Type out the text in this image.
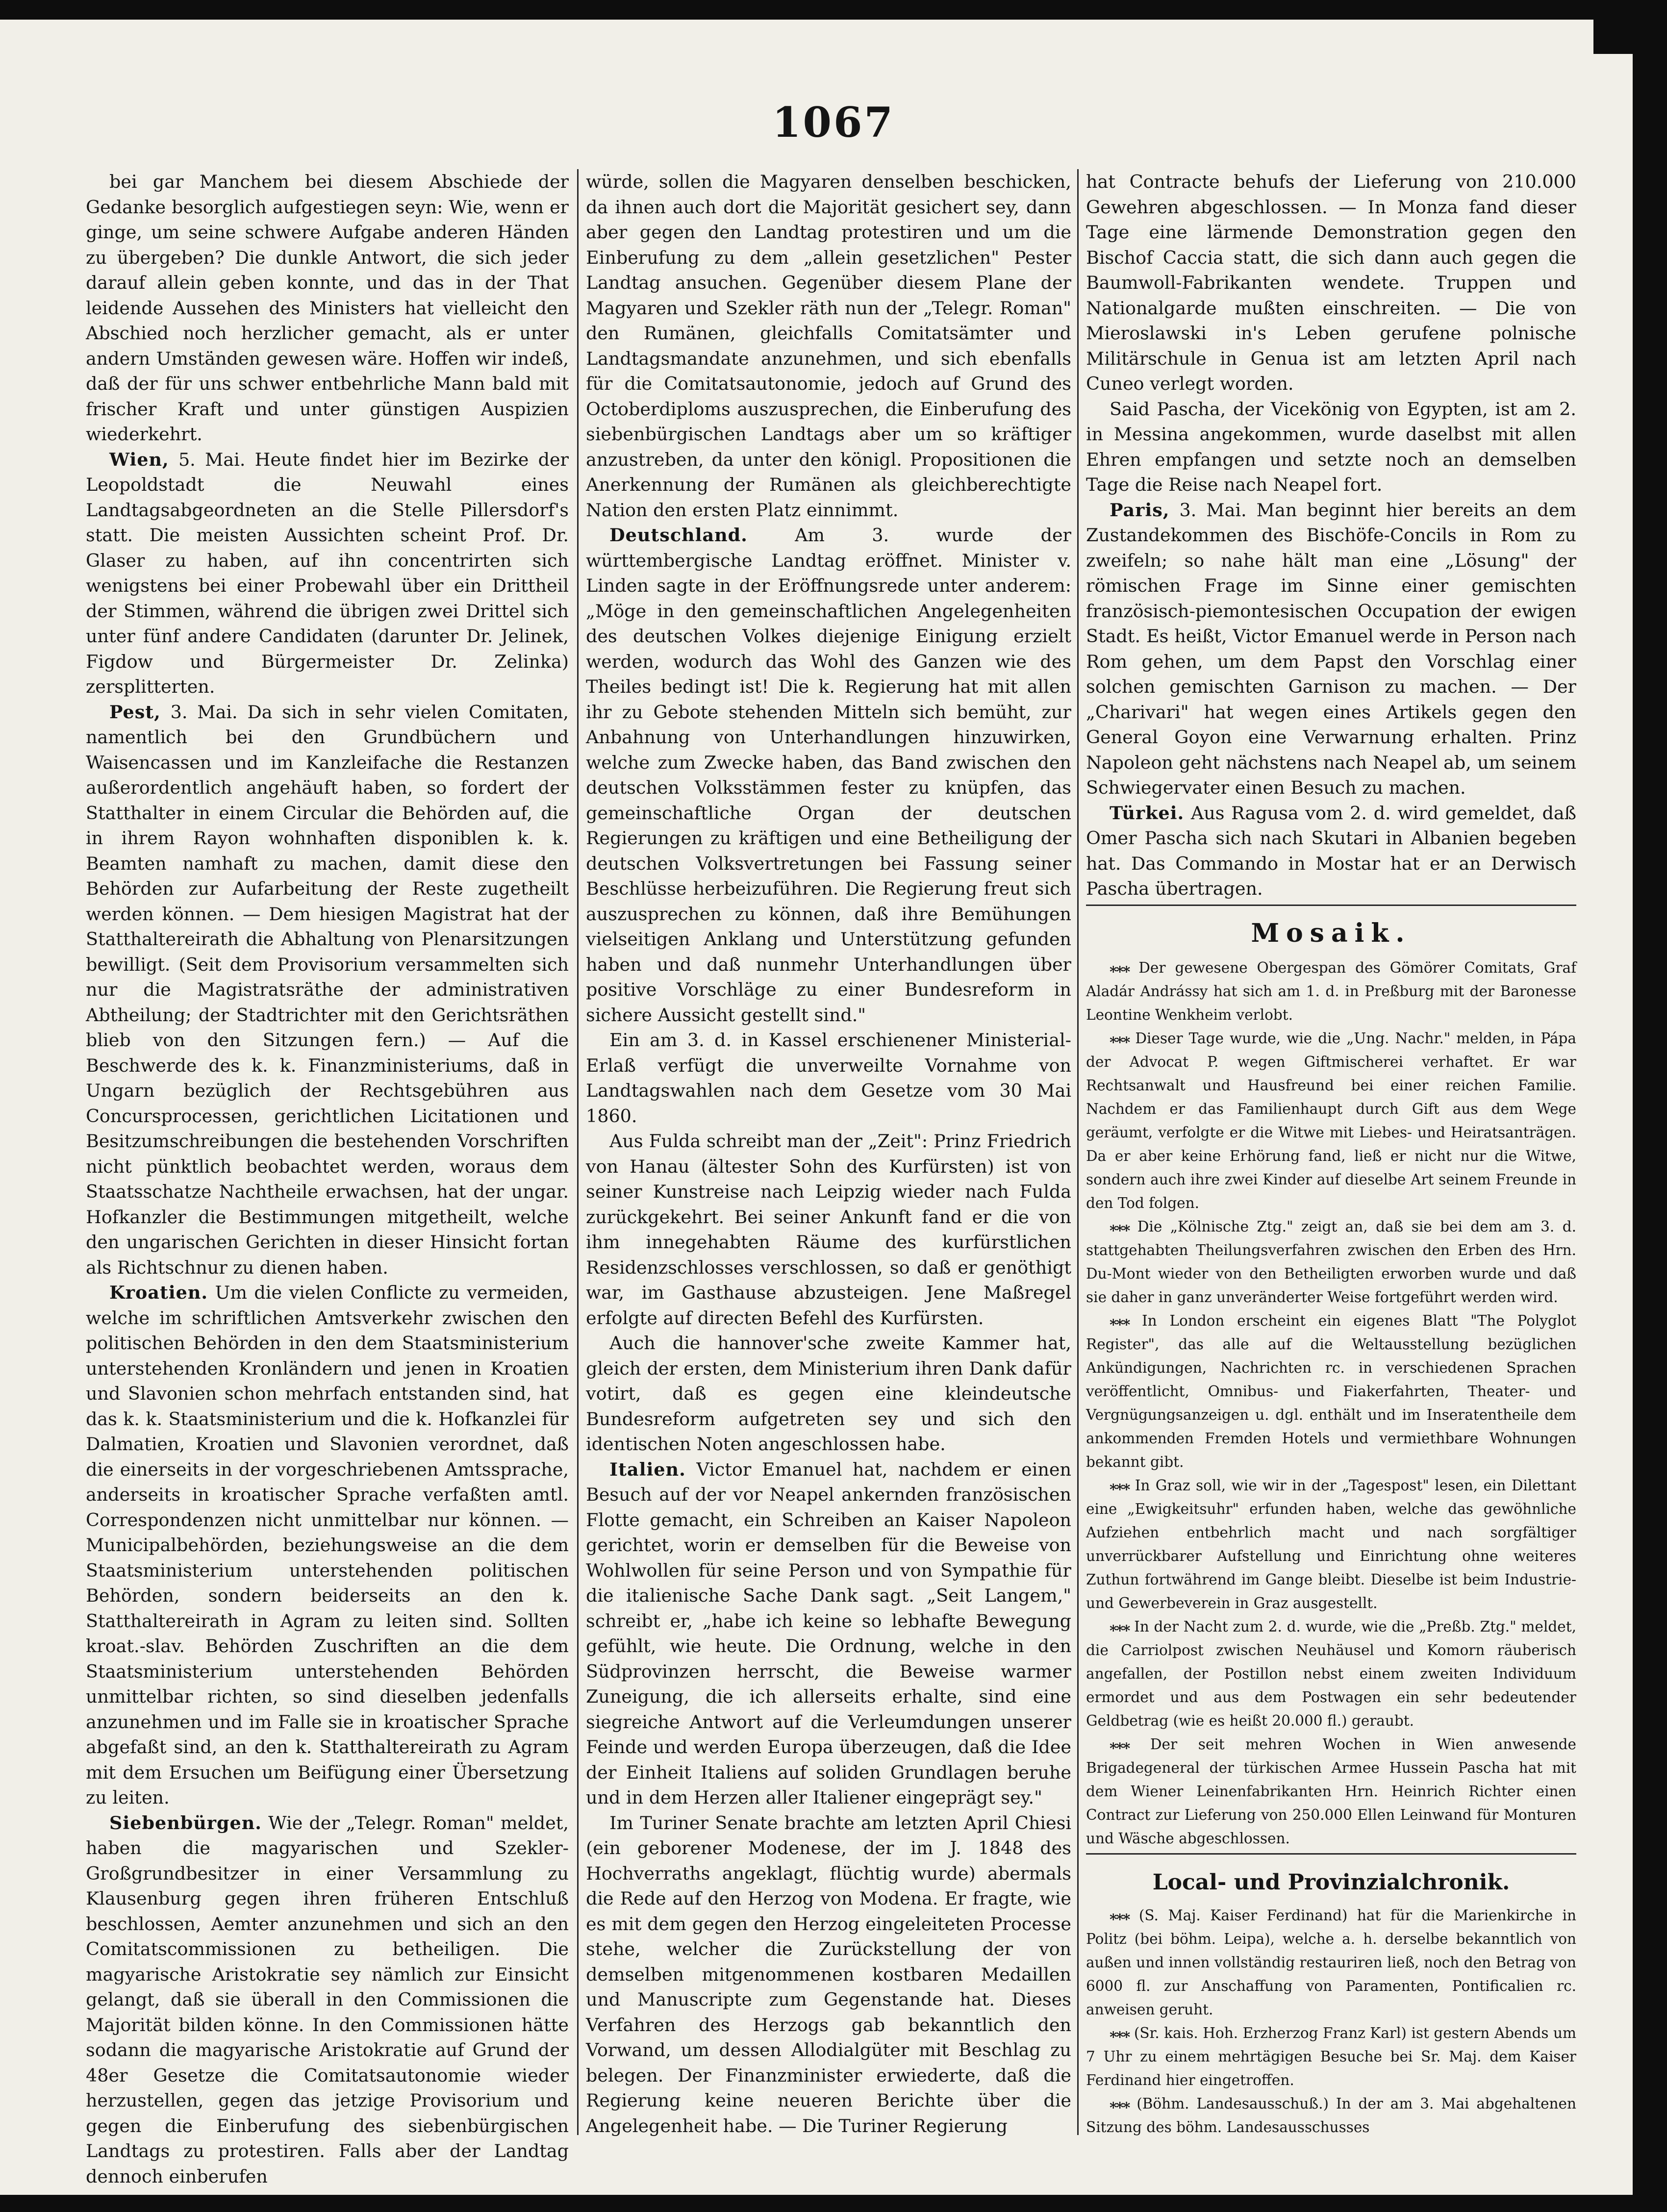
1067

bei gar Manchem bei diesem Abschiede der Gedanke besorglich aufgestiegen seyn: Wie, wenn er ginge, um seine schwere Aufgabe anderen Händen zu übergeben? Die dunkle Antwort, die sich jeder darauf allein geben konnte, und das in der That leidende Aussehen des Ministers hat vielleicht den Abschied noch herzlicher gemacht, als er unter andern Umständen gewesen wäre. Hoffen wir indeß, daß der für uns schwer entbehrliche Mann bald mit frischer Kraft und unter günstigen Auspizien wiederkehrt.

Wien, 5. Mai. Heute findet hier im Bezirke der Leopoldstadt die Neuwahl eines Landtagsabgeordneten an die Stelle Pillersdorf's statt. Die meisten Aussichten scheint Prof. Dr. Glaser zu haben, auf ihn concentrirten sich wenigstens bei einer Probewahl über ein Drittheil der Stimmen, während die übrigen zwei Drittel sich unter fünf andere Candidaten (darunter Dr. Jelinek, Figdow und Bürgermeister Dr. Zelinka) zersplitterten.

Pest, 3. Mai. Da sich in sehr vielen Comitaten, namentlich bei den Grundbüchern und Waisencassen und im Kanzleifache die Restanzen außerordentlich angehäuft haben, so fordert der Statthalter in einem Circular die Behörden auf, die in ihrem Rayon wohnhaften disponiblen k. k. Beamten namhaft zu machen, damit diese den Behörden zur Aufarbeitung der Reste zugetheilt werden können. — Dem hiesigen Magistrat hat der Statthaltereirath die Abhaltung von Plenarsitzungen bewilligt. (Seit dem Provisorium versammelten sich nur die Magistratsräthe der administrativen Abtheilung; der Stadtrichter mit den Gerichtsräthen blieb von den Sitzungen fern.) — Auf die Beschwerde des k. k. Finanzministeriums, daß in Ungarn bezüglich der Rechtsgebühren aus Concursprocessen, gerichtlichen Licitationen und Besitzumschreibungen die bestehenden Vorschriften nicht pünktlich beobachtet werden, woraus dem Staatsschatze Nachtheile erwachsen, hat der ungar. Hofkanzler die Bestimmungen mitgetheilt, welche den ungarischen Gerichten in dieser Hinsicht fortan als Richtschnur zu dienen haben.

Kroatien. Um die vielen Conflicte zu vermeiden, welche im schriftlichen Amtsverkehr zwischen den politischen Behörden in den dem Staatsministerium unterstehenden Kronländern und jenen in Kroatien und Slavonien schon mehrfach entstanden sind, hat das k. k. Staatsministerium und die k. Hofkanzlei für Dalmatien, Kroatien und Slavonien verordnet, daß die einerseits in der vorgeschriebenen Amtssprache, anderseits in kroatischer Sprache verfaßten amtl. Correspondenzen nicht unmittelbar nur können. — Municipalbehörden, beziehungsweise an die dem Staatsministerium unterstehenden politischen Behörden, sondern beiderseits an den k. Statthaltereirath in Agram zu leiten sind. Sollten kroat.-slav. Behörden Zuschriften an die dem Staatsministerium unterstehenden Behörden unmittelbar richten, so sind dieselben jedenfalls anzunehmen und im Falle sie in kroatischer Sprache abgefaßt sind, an den k. Statthaltereirath zu Agram mit dem Ersuchen um Beifügung einer Übersetzung zu leiten.

Siebenbürgen. Wie der „Telegr. Roman" meldet, haben die magyarischen und Szekler-Großgrundbesitzer in einer Versammlung zu Klausenburg gegen ihren früheren Entschluß beschlossen, Aemter anzunehmen und sich an den Comitatscommissionen zu betheiligen. Die magyarische Aristokratie sey nämlich zur Einsicht gelangt, daß sie überall in den Commissionen die Majorität bilden könne. In den Commissionen hätte sodann die magyarische Aristokratie auf Grund der 48er Gesetze die Comitatsautonomie wieder herzustellen, gegen das jetzige Provisorium und gegen die Einberufung des siebenbürgischen Landtags zu protestiren. Falls aber der Landtag dennoch einberufen

würde, sollen die Magyaren denselben beschicken, da ihnen auch dort die Majorität gesichert sey, dann aber gegen den Landtag protestiren und um die Einberufung zu dem „allein gesetzlichen" Pester Landtag ansuchen. Gegenüber diesem Plane der Magyaren und Szekler räth nun der „Telegr. Roman" den Rumänen, gleichfalls Comitatsämter und Landtagsmandate anzunehmen, und sich ebenfalls für die Comitatsautonomie, jedoch auf Grund des Octoberdiploms auszusprechen, die Einberufung des siebenbürgischen Landtags aber um so kräftiger anzustreben, da unter den königl. Propositionen die Anerkennung der Rumänen als gleichberechtigte Nation den ersten Platz einnimmt.

Deutschland.	Am 3. wurde der württembergische Landtag eröffnet. Minister v. Linden sagte in der Eröffnungsrede unter anderem: „Möge in den gemeinschaftlichen Angelegenheiten des deutschen Volkes diejenige Einigung erzielt werden, wodurch das Wohl des Ganzen wie des Theiles bedingt ist! Die k. Regierung hat mit allen ihr zu Gebote stehenden Mitteln sich bemüht, zur Anbahnung von Unterhandlungen hinzuwirken, welche zum Zwecke haben, das Band zwischen den deutschen Volksstämmen fester zu knüpfen, das gemeinschaftliche Organ der deutschen Regierungen zu kräftigen und eine Betheiligung der deutschen Volksvertretungen bei Fassung seiner Beschlüsse herbeizuführen. Die Regierung freut sich auszusprechen zu können, daß ihre Bemühungen vielseitigen Anklang und Unterstützung gefunden haben und daß nunmehr Unterhandlungen über positive Vorschläge zu einer Bundesreform in sichere Aussicht gestellt sind."

Ein am 3. d. in Kassel erschienener Ministerial-Erlaß verfügt die unverweilte Vornahme von Landtagswahlen nach dem Gesetze vom 30 Mai 1860.

Aus Fulda schreibt man der „Zeit": Prinz Friedrich von Hanau (ältester Sohn des Kurfürsten) ist von seiner Kunstreise nach Leipzig wieder nach Fulda zurückgekehrt. Bei seiner Ankunft fand er die von ihm innegehabten Räume des kurfürstlichen Residenzschlosses verschlossen, so daß er genöthigt war, im Gasthause abzusteigen. Jene Maßregel erfolgte auf directen Befehl des Kurfürsten.

Auch die hannover'sche zweite Kammer hat, gleich der ersten, dem Ministerium ihren Dank dafür votirt, daß es gegen eine kleindeutsche Bundesreform aufgetreten sey und sich den identischen Noten angeschlossen habe.

Italien. Victor Emanuel hat, nachdem er einen Besuch auf der vor Neapel ankernden französischen Flotte gemacht, ein Schreiben an Kaiser Napoleon gerichtet, worin er demselben für die Beweise von Wohlwollen für seine Person und von Sympathie für die italienische Sache Dank sagt. „Seit Langem," schreibt er, „habe ich keine so lebhafte Bewegung gefühlt, wie heute. Die Ordnung, welche in den Südprovinzen herrscht, die Beweise warmer Zuneigung, die ich allerseits erhalte, sind eine siegreiche Antwort auf die Verleumdungen unserer Feinde und werden Europa überzeugen, daß die Idee der Einheit Italiens auf soliden Grundlagen beruhe und in dem Herzen aller Italiener eingeprägt sey."

Im Turiner Senate brachte am letzten April Chiesi (ein geborener Modenese, der im J. 1848 des Hochverraths angeklagt, flüchtig wurde) abermals die Rede auf den Herzog von Modena. Er fragte, wie es mit dem gegen den Herzog eingeleiteten Processe stehe, welcher die Zurückstellung der von demselben mitgenommenen kostbaren Medaillen und Manuscripte zum Gegenstande hat. Dieses Verfahren des Herzogs gab bekanntlich den Vorwand, um dessen Allodialgüter mit Beschlag zu belegen. Der Finanzminister erwiederte, daß die Regierung keine neueren Berichte über die Angelegenheit habe. — Die Turiner Regierung

hat Contracte behufs der Lieferung von 210.000 Gewehren abgeschlossen. — In Monza fand dieser Tage eine lärmende Demonstration gegen den Bischof Caccia statt, die sich dann auch gegen die Baumwoll-Fabrikanten wendete. Truppen und Nationalgarde mußten einschreiten. — Die von Mieroslawski in's Leben gerufene polnische Militärschule in Genua ist am letzten April nach Cuneo verlegt worden.

Said Pascha, der Vicekönig von Egypten, ist am 2. in Messina angekommen, wurde daselbst mit allen Ehren empfangen und setzte noch an demselben Tage die Reise nach Neapel fort.

Paris, 3. Mai. Man beginnt hier bereits an dem Zustandekommen des Bischöfe-Concils in Rom zu zweifeln; so nahe hält man eine „Lösung" der römischen Frage im Sinne einer gemischten französisch-piemontesischen Occupation der ewigen Stadt. Es heißt, Victor Emanuel werde in Person nach Rom gehen, um dem Papst den Vorschlag einer solchen gemischten Garnison zu machen. — Der „Charivari" hat wegen eines Artikels gegen den General Goyon eine Verwarnung erhalten. Prinz Napoleon geht nächstens nach Neapel ab, um seinem Schwiegervater einen Besuch zu machen.

Türkei. Aus Ragusa vom 2. d. wird gemeldet, daß Omer Pascha sich nach Skutari in Albanien begeben hat. Das Commando in Mostar hat er an Derwisch Pascha übertragen.

Mosaik.

⁎⁎⁎ Der gewesene Obergespan des Gömörer Comitats, Graf Aladár Andrássy hat sich am 1. d. in Preßburg mit der Baronesse Leontine Wenkheim verlobt.

⁎⁎⁎ Dieser Tage wurde, wie die „Ung. Nachr." melden, in Pápa der Advocat P. wegen Giftmischerei verhaftet. Er war Rechtsanwalt und Hausfreund bei einer reichen Familie. Nachdem er das Familienhaupt durch Gift aus dem Wege geräumt, verfolgte er die Witwe mit Liebes- und Heiratsanträgen. Da er aber keine Erhörung fand, ließ er nicht nur die Witwe, sondern auch ihre zwei Kinder auf dieselbe Art seinem Freunde in den Tod folgen.

⁎⁎⁎ Die „Kölnische Ztg." zeigt an, daß sie bei dem am 3. d. stattgehabten Theilungsverfahren zwischen den Erben des Hrn. Du-Mont wieder von den Betheiligten erworben wurde und daß sie daher in ganz unveränderter Weise fortgeführt werden wird.

⁎⁎⁎ In London erscheint ein eigenes Blatt "The Polyglot Register", das alle auf die Weltausstellung bezüglichen Ankündigungen, Nachrichten rc. in verschiedenen Sprachen veröffentlicht, Omnibus- und Fiakerfahrten, Theater- und Vergnügungsanzeigen u. dgl. enthält und im Inseratentheile dem ankommenden Fremden Hotels und vermiethbare Wohnungen bekannt gibt.

⁎⁎⁎ In Graz soll, wie wir in der „Tagespost" lesen, ein Dilettant eine „Ewigkeitsuhr" erfunden haben, welche das gewöhnliche Aufziehen entbehrlich macht und nach sorgfältiger unverrückbarer Aufstellung und Einrichtung ohne weiteres Zuthun fortwährend im Gange bleibt. Dieselbe ist beim Industrie- und Gewerbeverein in Graz ausgestellt.

⁎⁎⁎ In der Nacht zum 2. d. wurde, wie die „Preßb. Ztg." meldet, die Carriolpost zwischen Neuhäusel und Komorn räuberisch angefallen, der Postillon nebst einem zweiten Individuum ermordet und aus dem Postwagen ein sehr bedeutender Geldbetrag (wie es heißt 20.000 fl.) geraubt.

⁎⁎⁎ Der seit mehren Wochen in Wien anwesende Brigadegeneral der türkischen Armee Hussein Pascha hat mit dem Wiener Leinenfabrikanten Hrn. Heinrich Richter einen Contract zur Lieferung von 250.000 Ellen Leinwand für Monturen und Wäsche abgeschlossen.

Local- und Provinzialchronik.

⁎⁎⁎ (S. Maj. Kaiser Ferdinand) hat für die Marienkirche in Politz (bei böhm. Leipa), welche a. h. derselbe bekanntlich von außen und innen vollständig restauriren ließ, noch den Betrag von 6000 fl. zur Anschaffung von Paramenten, Pontificalien rc. anweisen geruht.

⁎⁎⁎ (Sr. kais. Hoh. Erzherzog Franz Karl) ist gestern Abends um 7 Uhr zu einem mehrtägigen Besuche bei Sr. Maj. dem Kaiser Ferdinand hier eingetroffen.

⁎⁎⁎ (Böhm. Landesausschuß.) In der am 3. Mai abgehaltenen Sitzung des böhm. Landesausschusses
